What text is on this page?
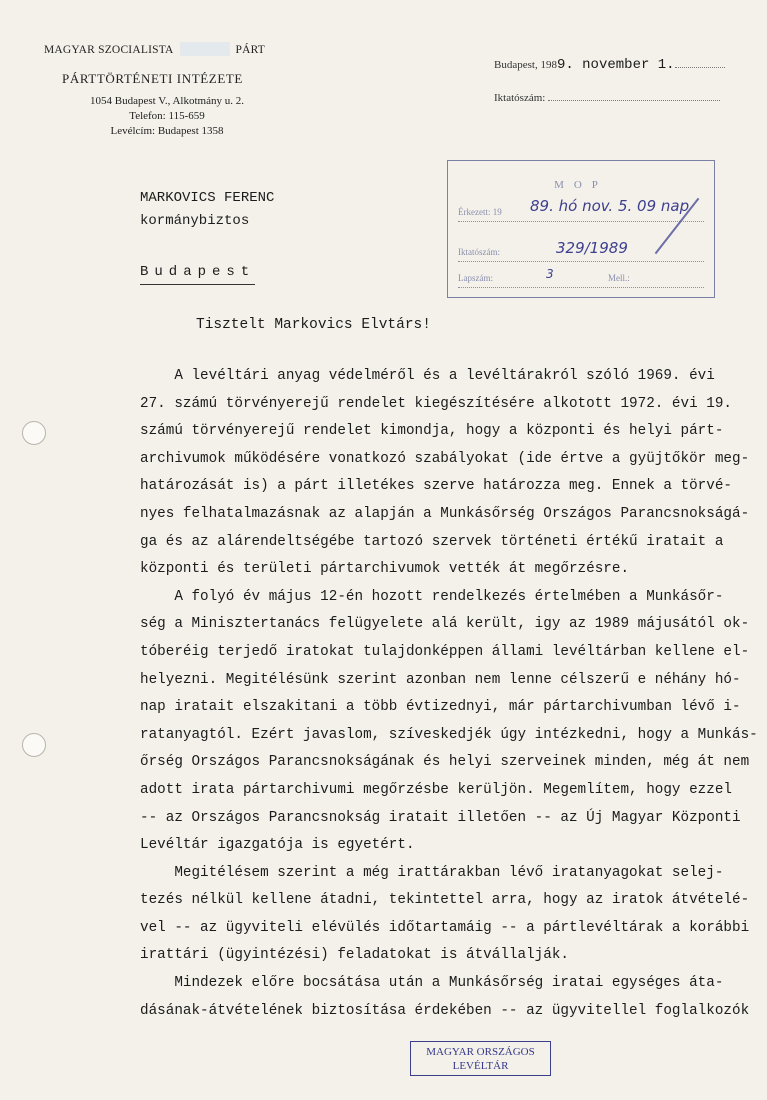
MAGYAR SZOCIALISTA	PÁRT
PÁRTTÖRTÉNETI INTÉZETE
1054 Budapest V., Alkotmány u. 2.
Telefon: 115-659
Levélcím: Budapest 1358
Budapest, 1989. november 1.
Iktatószám:
MARKOVICS FERENC
kormánybiztos
Budapest
MOP
Érkezett: 19
Iktatószám:
Lapszám:	Mell.:
89. hó nov. 5. 09 nap
329/1989
3
Tisztelt Markovics Elvtárs!
A levéltári anyag védelméről és a levéltárakról szóló 1969. évi
27. számú törvényerejű rendelet kiegészítésére alkotott 1972. évi 19.
számú törvényerejű rendelet kimondja, hogy a központi és helyi párt-
archivumok működésére vonatkozó szabályokat (ide értve a gyüjtőkör meg-
határozását is) a párt illetékes szerve határozza meg. Ennek a törvé-
nyes felhatalmazásnak az alapján a Munkásőrség Országos Parancsnokságá-
ga és az alárendeltségébe tartozó szervek történeti értékű iratait a
központi és területi pártarchivumok vették át megőrzésre.
A folyó év május 12-én hozott rendelkezés értelmében a Munkásőr-
ség a Minisztertanács felügyelete alá került, igy az 1989 májusától ok-
tóberéig terjedő iratokat tulajdonképpen állami levéltárban kellene el-
helyezni. Megitélésünk szerint azonban nem lenne célszerű e néhány hó-
nap iratait elszakitani a több évtizednyi, már pártarchivumban lévő i-
ratanyagtól. Ezért javaslom, szíveskedjék úgy intézkedni, hogy a Munkás-
őrség Országos Parancsnokságának és helyi szerveinek minden, még át nem
adott irata pártarchivumi megőrzésbe kerüljön. Megemlítem, hogy ezzel
-- az Országos Parancsnokság iratait illetően -- az Új Magyar Központi
Levéltár igazgatója is egyetért.
Megitélésem szerint a még irattárakban lévő iratanyagokat selej-
tezés nélkül kellene átadni, tekintettel arra, hogy az iratok átvételé-
vel -- az ügyviteli elévülés időtartamáig -- a pártlevéltárak a korábbi
irattári (ügyintézési) feladatokat is átvállalják.
Mindezek előre bocsátása után a Munkásőrség iratai egységes áta-
dásának-átvételének biztosítása érdekében -- az ügyvitellel foglalkozók
MAGYAR ORSZÁGOS
LEVÉLTÁR
